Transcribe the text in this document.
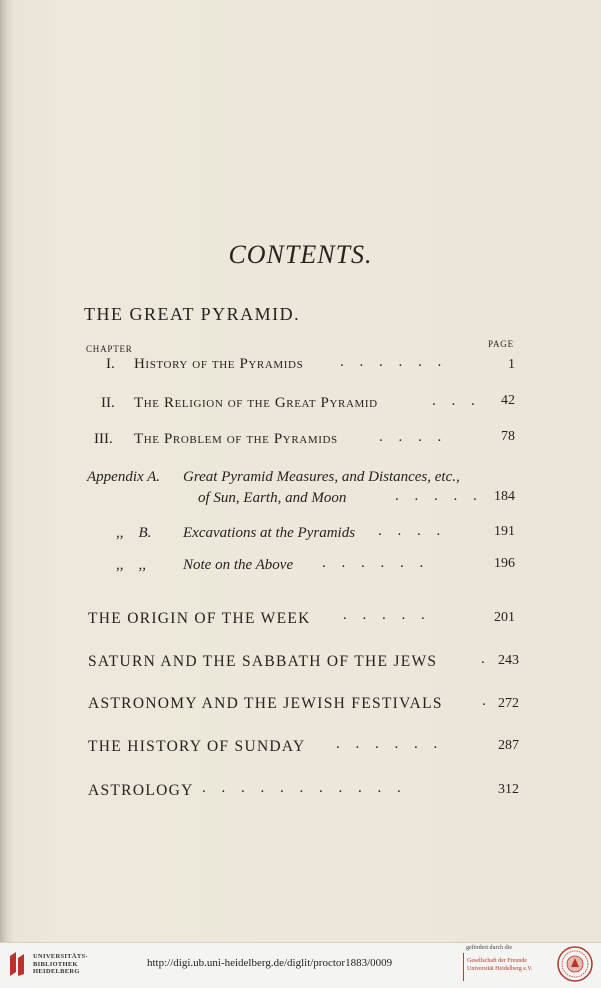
CONTENTS.
THE GREAT PYRAMID.
CHAPTER	PAGE
I. History of the Pyramids . . . . . .	1
II. The Religion of the Great Pyramid	. . .	42
III. The Problem of the Pyramids	. . . .	78
Appendix A. Great Pyramid Measures, and Distances, etc.,
of Sun, Earth, and Moon	. . . . . 184
,,    B. Excavations at the Pyramids . . . .	191
,,    ,, Note on the Above . . . . . .	196
THE ORIGIN OF THE WEEK . . . . .	201
SATURN AND THE SABBATH OF THE JEWS	. 243
ASTRONOMY AND THE JEWISH FESTIVALS	. 272
THE HISTORY OF SUNDAY . . . . . .	287
ASTROLOGY . . . . . . . . . . .	312
UNIVERSITÄTS-
BIBLIOTHEK
HEIDELBERG
http://digi.ub.uni-heidelberg.de/diglit/proctor1883/0009
gefördert durch die
Gesellschaft der Freunde
Universität Heidelberg e.V.
